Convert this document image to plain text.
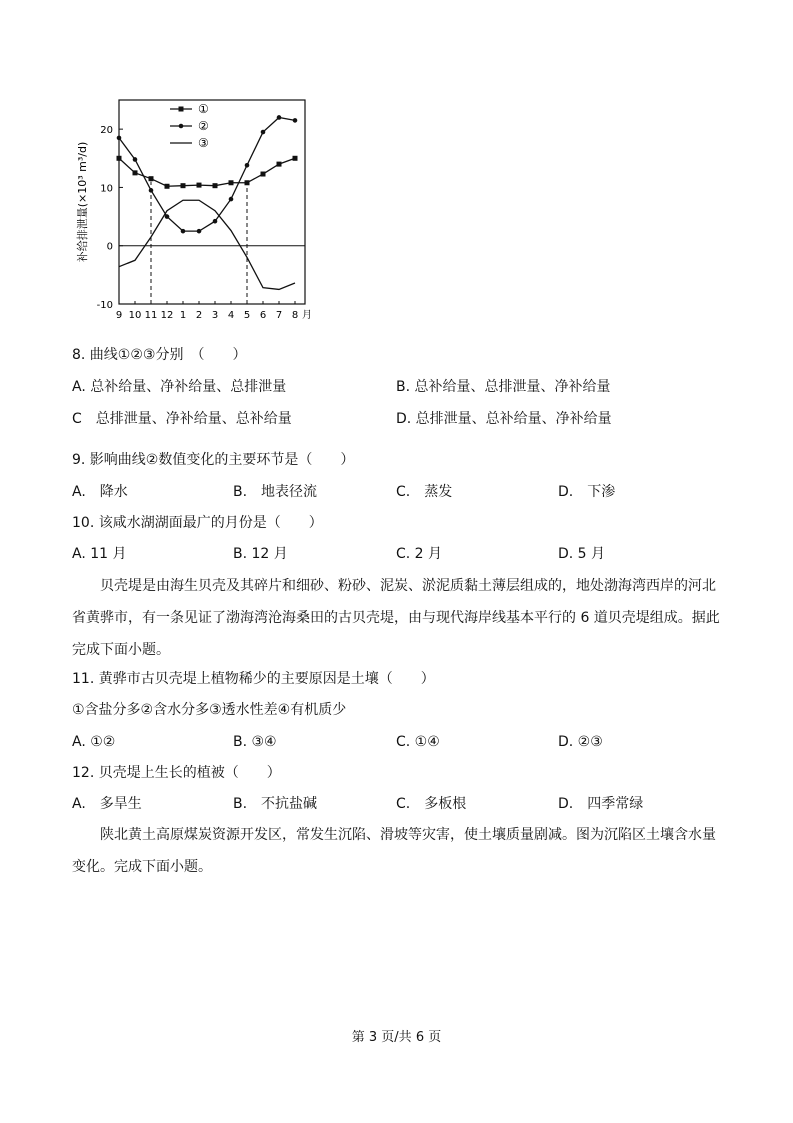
20
10
0
-10
9 10 11 12 1 2 3 4 5 6 7 8 月
补给排泄量(×10³ m³/d)
①
②
③
8. 曲线①②③分别　（　　）
A. 总补给量、净补给量、总排泄量	B. 总补给量、总排泄量、净补给量
C　总排泄量、净补给量、总补给量	D. 总排泄量、总补给量、净补给量
9. 影响曲线②数值变化的主要环节是（　　）
A.　降水	B.　地表径流	C.　蒸发	D.　下渗
10. 该咸水湖湖面最广的月份是（　　）
A. 11 月	B. 12 月	C. 2 月	D. 5 月
贝壳堤是由海生贝壳及其碎片和细砂、粉砂、泥炭、淤泥质黏土薄层组成的，地处渤海湾西岸的河北省黄骅市，有一条见证了渤海湾沧海桑田的古贝壳堤，由与现代海岸线基本平行的 6 道贝壳堤组成。据此完成下面小题。
11. 黄骅市古贝壳堤上植物稀少的主要原因是土壤（　　）
①含盐分多②含水分多③透水性差④有机质少
A. ①②	B. ③④	C. ①④	D. ②③
12. 贝壳堤上生长的植被（　　）
A.　多旱生	B.　不抗盐碱	C.　多板根	D.　四季常绿
陕北黄土高原煤炭资源开发区，常发生沉陷、滑坡等灾害，使土壤质量剧减。图为沉陷区土壤含水量变化。完成下面小题。
第 3 页/共 6 页
